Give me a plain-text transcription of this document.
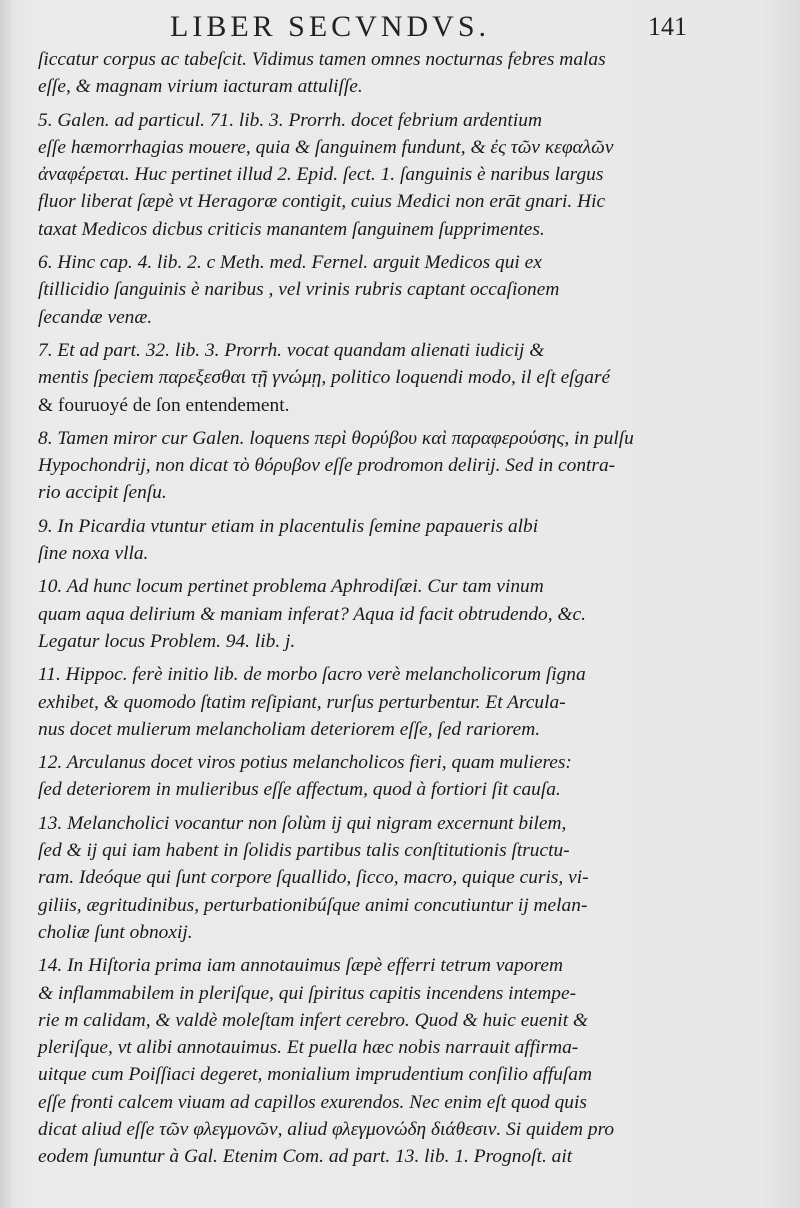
LIBER SECVNDVS.	141
ſiccatur corpus ac tabeſcit. Vidimus tamen omnes nocturnas febres malas
eſſe, & magnam virium iacturam attuliſſe.
5. Galen. ad particul. 71. lib. 3. Prorrh. docet febrium ardentium
eſſe hæmorrhagias mouere, quia & ſanguinem fundunt, & ἐς τῶν κεφαλῶν
ἀναφέρεται. Huc pertinet illud 2. Epid. ſect. 1. ſanguinis è naribus largus
fluor liberat ſæpè vt Heragoræ contigit, cuius Medici non erāt gnari. Hic
taxat Medicos dicbus criticis manantem ſanguinem ſupprimentes.
6. Hinc cap. 4. lib. 2. c Meth. med. Fernel. arguit Medicos qui ex
ſtillicidio ſanguinis è naribus , vel vrinis rubris captant occaſionem
ſecandæ venæ.
7. Et ad part. 32. lib. 3. Prorrh. vocat quandam alienati iudicij &
mentis ſpeciem παρεξεσθαι τῇ γνώμῃ, politico loquendi modo, il eſt eſgaré
& fouruoyé de ſon entendement.
8. Tamen miror cur Galen. loquens περὶ θορύβου καὶ παραφερούσης, in pulſu
Hypochondrij, non dicat τὸ θόρυβον eſſe prodromon delirij. Sed in contra-
rio accipit ſenſu.
9. In Picardia vtuntur etiam in placentulis ſemine papaueris albi
ſine noxa vlla.
10. Ad hunc locum pertinet problema Aphrodiſæi. Cur tam vinum
quam aqua delirium & maniam inferat? Aqua id facit obtrudendo, &c.
Legatur locus Problem. 94. lib. j.
11. Hippoc. ferè initio lib. de morbo ſacro verè melancholicorum ſigna
exhibet, & quomodo ſtatim reſipiant, rurſus perturbentur. Et Arcula-
nus docet mulierum melancholiam deteriorem eſſe, ſed rariorem.
12. Arculanus docet viros potius melancholicos fieri, quam mulieres:
ſed deteriorem in mulieribus eſſe affectum, quod à fortiori ſit cauſa.
13. Melancholici vocantur non ſolùm ij qui nigram excernunt bilem,
ſed & ij qui iam habent in ſolidis partibus talis conſtitutionis ſtructu-
ram. Ideóque qui ſunt corpore ſquallido, ſicco, macro, quique curis, vi-
giliis, ægritudinibus, perturbationibúſque animi concutiuntur ij melan-
choliæ ſunt obnoxij.
14. In Hiſtoria prima iam annotauimus ſæpè efferri tetrum vaporem
& inflammabilem in pleriſque, qui ſpiritus capitis incendens intempe-
rie m calidam, & valdè moleſtam infert cerebro. Quod & huic euenit &
pleriſque, vt alibi annotauimus. Et puella hæc nobis narrauit affirma-
uitque cum Poiſſiaci degeret, monialium imprudentium conſilio affuſam
eſſe fronti calcem viuam ad capillos exurendos. Nec enim eſt quod quis
dicat aliud eſſe τῶν φλεγμονῶν, aliud φλεγμονώδη διάθεσιν. Si quidem pro
eodem ſumuntur à Gal. Etenim Com. ad part. 13. lib. 1. Prognoſt. ait
